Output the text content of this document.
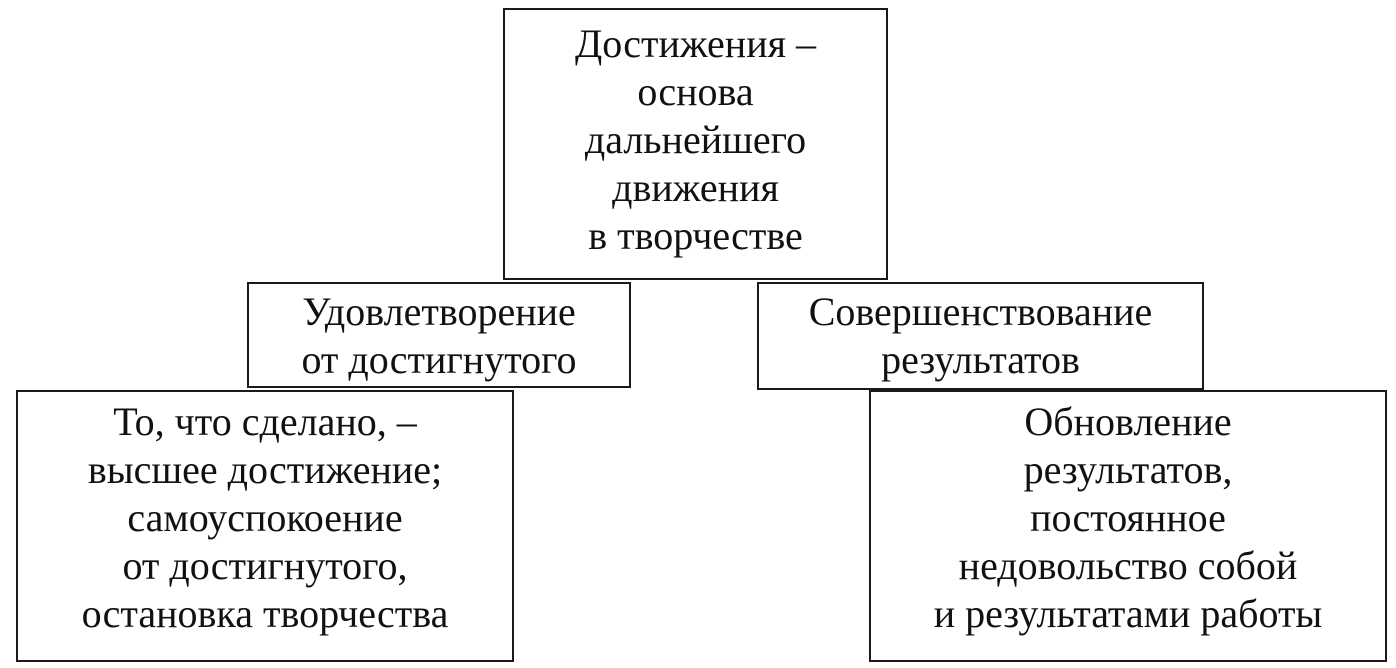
Достижения –
основа
дальнейшего
движения
в творчестве
Удовлетворение
от достигнутого
Совершенствование
результатов
То, что сделано, –
высшее достижение;
самоуспокоение
от достигнутого,
остановка творчества
Обновление
результатов,
постоянное
недовольство собой
и результатами работы
